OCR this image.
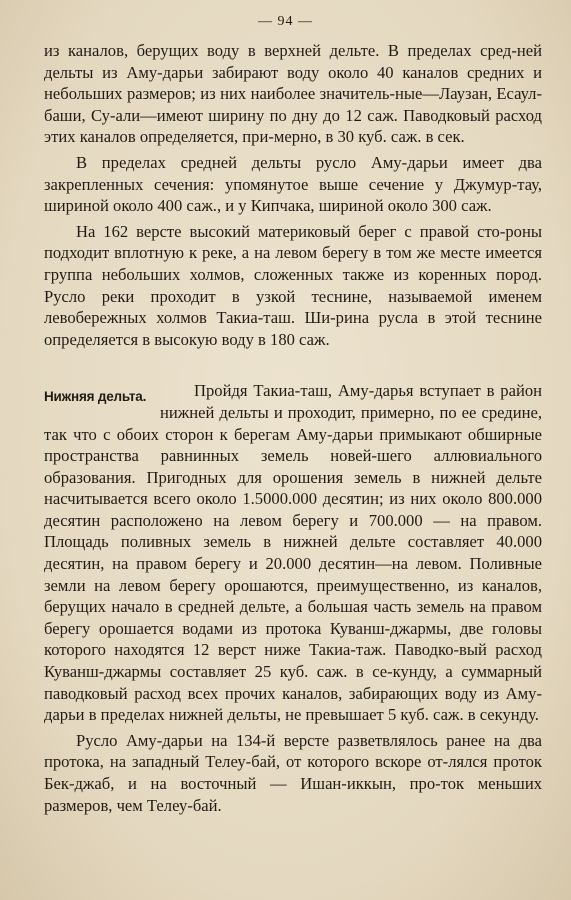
— 94 —

из каналов, берущих воду в верхней дельте. В пределах сред-ней дельты из Аму-дарьи забирают воду около 40 каналов средних и небольших размеров; из них наиболее значитель-ные—Лаузан, Есаул-баши, Су-али—имеют ширину по дну до 12 саж. Паводковый расход этих каналов определяется, при-мерно, в 30 куб. саж. в сек.

В пределах средней дельты русло Аму-дарьи имеет два закрепленных сечения: упомянутое выше сечение у Джумур-тау, шириной около 400 саж., и у Кипчака, шириной около 300 саж.

На 162 версте высокий материковый берег с правой сто-роны подходит вплотную к реке, а на левом берегу в том же месте имеется группа небольших холмов, сложенных также из коренных пород. Русло реки проходит в узкой теснине, называемой именем левобережных холмов Такиа-таш. Ши-рина русла в этой теснине определяется в высокую воду в 180 саж.

Нижняя дельта.	Пройдя Такиа-таш, Аму-дарья вступает в район нижней дельты и проходит, примерно, по ее средине, так что с обоих сторон к берегам Аму-дарьи примыкают обширные пространства равнинных земель новей-шего аллювиального образования. Пригодных для орошения земель в нижней дельте насчитывается всего около 1.5000.000 десятин; из них около 800.000 десятин расположено на левом берегу и 700.000 — на правом. Площадь поливных земель в нижней дельте составляет 40.000 десятин, на правом берегу и 20.000 десятин—на левом. Поливные земли на левом берегу орошаются, преимущественно, из каналов, берущих начало в средней дельте, а большая часть земель на правом берегу орошается водами из протока Куванш-джармы, две головы которого находятся 12 верст ниже Такиа-таж. Паводко-вый расход Куванш-джармы составляет 25 куб. саж. в се-кунду, а суммарный паводковый расход всех прочих каналов, забирающих воду из Аму-дарьи в пределах нижней дельты, не превышает 5 куб. саж. в секунду.

Русло Аму-дарьи на 134-й версте разветвлялось ранее на два протока, на западный Телеу-бай, от которого вскоре от-лялся проток Бек-джаб, и на восточный — Ишан-иккын, про-ток меньших размеров, чем Телеу-бай.
